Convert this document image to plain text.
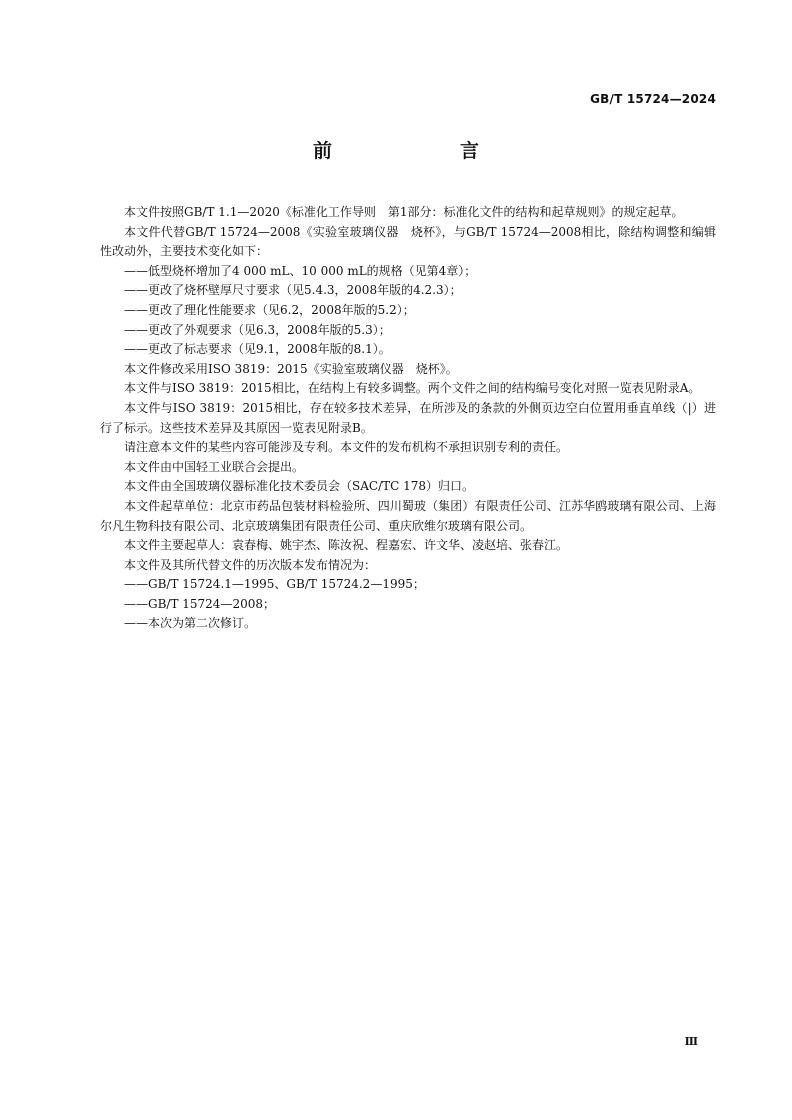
GB/T 15724—2024
前　　言

本文件按照GB/T 1.1—2020《标准化工作导则　第1部分：标准化文件的结构和起草规则》的规定起草。

本文件代替GB/T 15724—2008《实验室玻璃仪器　烧杯》，与GB/T 15724—2008相比，除结构调整和编辑性改动外，主要技术变化如下：

——低型烧杯增加了4 000 mL、10 000 mL的规格（见第4章）；

——更改了烧杯壁厚尺寸要求（见5.4.3，2008年版的4.2.3）；

——更改了理化性能要求（见6.2，2008年版的5.2）；

——更改了外观要求（见6.3，2008年版的5.3）；

——更改了标志要求（见9.1，2008年版的8.1）。

本文件修改采用ISO 3819：2015《实验室玻璃仪器　烧杯》。

本文件与ISO 3819：2015相比，在结构上有较多调整。两个文件之间的结构编号变化对照一览表见附录A。

本文件与ISO 3819：2015相比，存在较多技术差异，在所涉及的条款的外侧页边空白位置用垂直单线（|）进行了标示。这些技术差异及其原因一览表见附录B。

请注意本文件的某些内容可能涉及专利。本文件的发布机构不承担识别专利的责任。

本文件由中国轻工业联合会提出。

本文件由全国玻璃仪器标准化技术委员会（SAC/TC 178）归口。

本文件起草单位：北京市药品包装材料检验所、四川蜀玻（集团）有限责任公司、江苏华鸥玻璃有限公司、上海尔凡生物科技有限公司、北京玻璃集团有限责任公司、重庆欣维尔玻璃有限公司。

本文件主要起草人：袁春梅、姚宇杰、陈汝祝、程嘉宏、许文华、凌赵培、张春江。

本文件及其所代替文件的历次版本发布情况为：

——GB/T 15724.1—1995、GB/T 15724.2—1995；

——GB/T 15724—2008；

——本次为第二次修订。

Ⅲ
